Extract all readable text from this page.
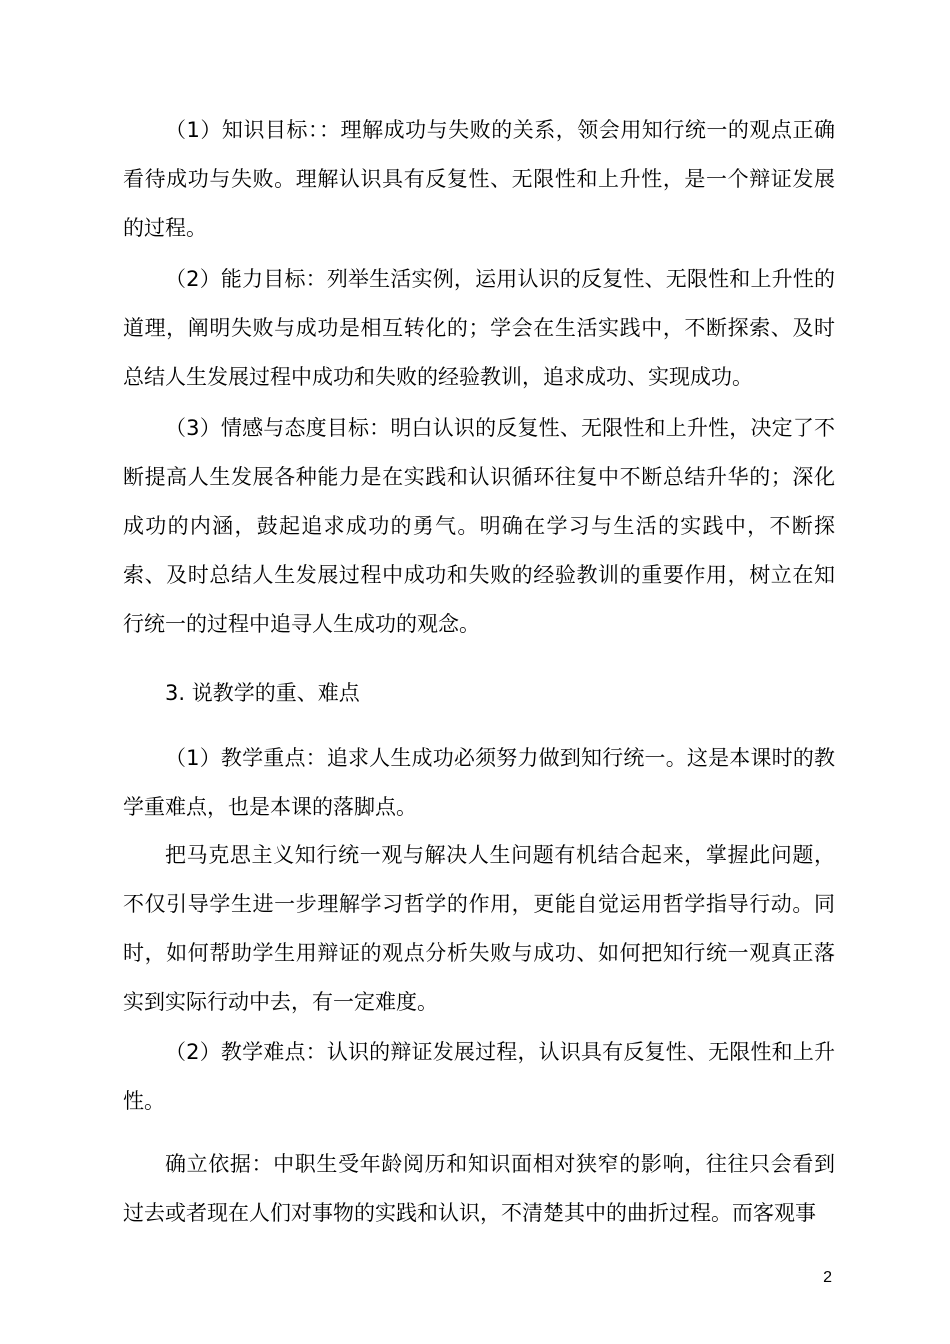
（1）知识目标：：理解成功与失败的关系，领会用知行统一的观点正确看待成功与失败。理解认识具有反复性、无限性和上升性，是一个辩证发展的过程。

（2）能力目标：列举生活实例，运用认识的反复性、无限性和上升性的道理，阐明失败与成功是相互转化的；学会在生活实践中，不断探索、及时总结人生发展过程中成功和失败的经验教训，追求成功、实现成功。

（3）情感与态度目标：明白认识的反复性、无限性和上升性，决定了不断提高人生发展各种能力是在实践和认识循环往复中不断总结升华的；深化成功的内涵，鼓起追求成功的勇气。明确在学习与生活的实践中，不断探索、及时总结人生发展过程中成功和失败的经验教训的重要作用，树立在知行统一的过程中追寻人生成功的观念。

3. 说教学的重、难点

（1）教学重点：追求人生成功必须努力做到知行统一。这是本课时的教学重难点，也是本课的落脚点。

把马克思主义知行统一观与解决人生问题有机结合起来，掌握此问题，不仅引导学生进一步理解学习哲学的作用，更能自觉运用哲学指导行动。同时，如何帮助学生用辩证的观点分析失败与成功、如何把知行统一观真正落实到实际行动中去，有一定难度。

（2）教学难点：认识的辩证发展过程，认识具有反复性、无限性和上升性。

确立依据：中职生受年龄阅历和知识面相对狭窄的影响，往往只会看到过去或者现在人们对事物的实践和认识，不清楚其中的曲折过程。而客观事

2
